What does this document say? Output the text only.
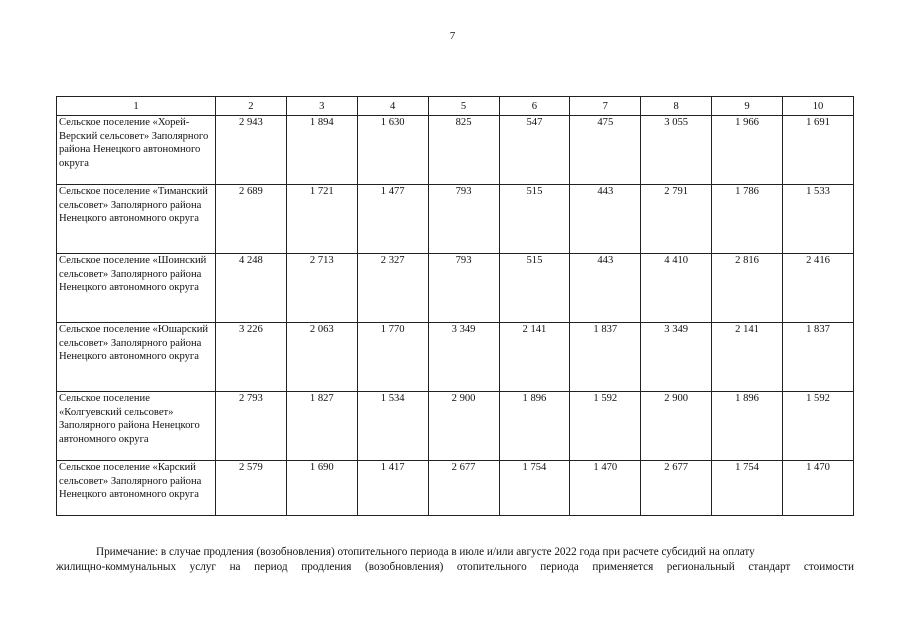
7
1	2	3	4	5	6	7	8	9	10
Сельское поселение «Хорей-Верский сельсовет» Заполярного района Ненецкого автономного округа	2 943	1 894	1 630	825	547	475	3 055	1 966	1 691
Сельское поселение «Тиманский сельсовет» Заполярного района Ненецкого автономного округа	2 689	1 721	1 477	793	515	443	2 791	1 786	1 533
Сельское поселение «Шоинский сельсовет» Заполярного района Ненецкого автономного округа	4 248	2 713	2 327	793	515	443	4 410	2 816	2 416
Сельское поселение «Юшарский сельсовет» Заполярного района Ненецкого автономного округа	3 226	2 063	1 770	3 349	2 141	1 837	3 349	2 141	1 837
Сельское поселение «Колгуевский сельсовет» Заполярного района Ненецкого автономного округа	2 793	1 827	1 534	2 900	1 896	1 592	2 900	1 896	1 592
Сельское поселение «Карский сельсовет» Заполярного района Ненецкого автономного округа	2 579	1 690	1 417	2 677	1 754	1 470	2 677	1 754	1 470

Примечание: в случае продления (возобновления) отопительного периода в июле и/или августе 2022 года при расчете субсидий на оплату

жилищно-коммунальных услуг на период продления (возобновления) отопительного периода применяется региональный стандарт стоимости
